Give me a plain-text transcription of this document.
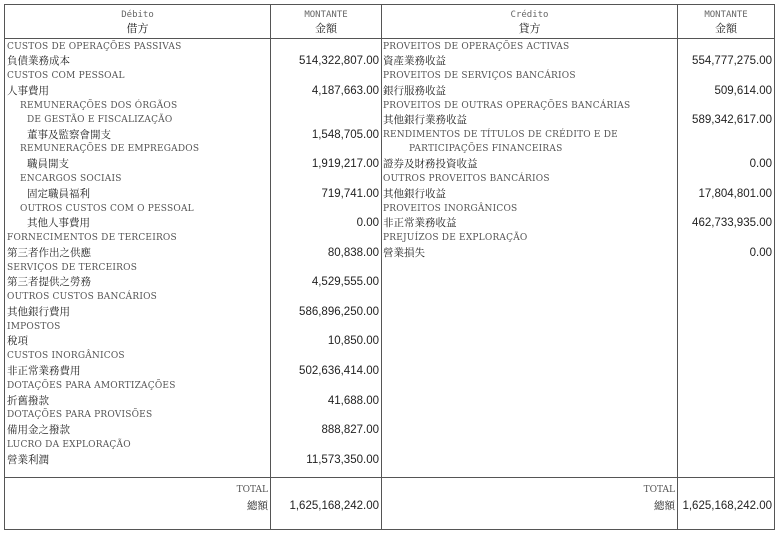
Débito
借方
MONTANTE
金額
Crédito
貸方
MONTANTE
金額
CUSTOS DE OPERAÇÕES PASSIVAS
負債業務成本	514,322,807.00
CUSTOS COM PESSOAL
人事費用	4,187,663.00
REMUNERAÇÕES DOS ÓRGÃOS
DE GESTÃO E FISCALIZAÇÃO
董事及監察會開支	1,548,705.00
REMUNERAÇÕES DE EMPREGADOS
職員開支	1,919,217.00
ENCARGOS SOCIAIS
固定職員福利	719,741.00
OUTROS CUSTOS COM O PESSOAL
其他人事費用	0.00
FORNECIMENTOS DE TERCEIROS
第三者作出之供應	80,838.00
SERVIÇOS DE TERCEIROS
第三者提供之勞務	4,529,555.00
OUTROS CUSTOS BANCÁRIOS
其他銀行費用	586,896,250.00
IMPOSTOS
稅項	10,850.00
CUSTOS INORGÂNICOS
非正常業務費用	502,636,414.00
DOTAÇÕES PARA AMORTIZAÇÕES
折舊撥款	41,688.00
DOTAÇÕES PARA PROVISÕES
備用金之撥款	888,827.00
LUCRO DA EXPLORAÇÃO
營業利潤	11,573,350.00
PROVEITOS DE OPERAÇÕES ACTIVAS
資產業務收益	554,777,275.00
PROVEITOS DE SERVIÇOS BANCÁRIOS
銀行服務收益	509,614.00
PROVEITOS DE OUTRAS OPERAÇÕES BANCÁRIAS
其他銀行業務收益	589,342,617.00
RENDIMENTOS DE TÍTULOS DE CRÉDITO E DE
PARTICIPAÇÕES FINANCEIRAS
證券及財務投資收益	0.00
OUTROS PROVEITOS BANCÁRIOS
其他銀行收益	17,804,801.00
PROVEITOS INORGÂNICOS
非正常業務收益	462,733,935.00
PREJUÍZOS DE EXPLORAÇÃO
營業損失	0.00
TOTAL
總額	1,625,168,242.00
TOTAL
總額 1,625,168,242.00
